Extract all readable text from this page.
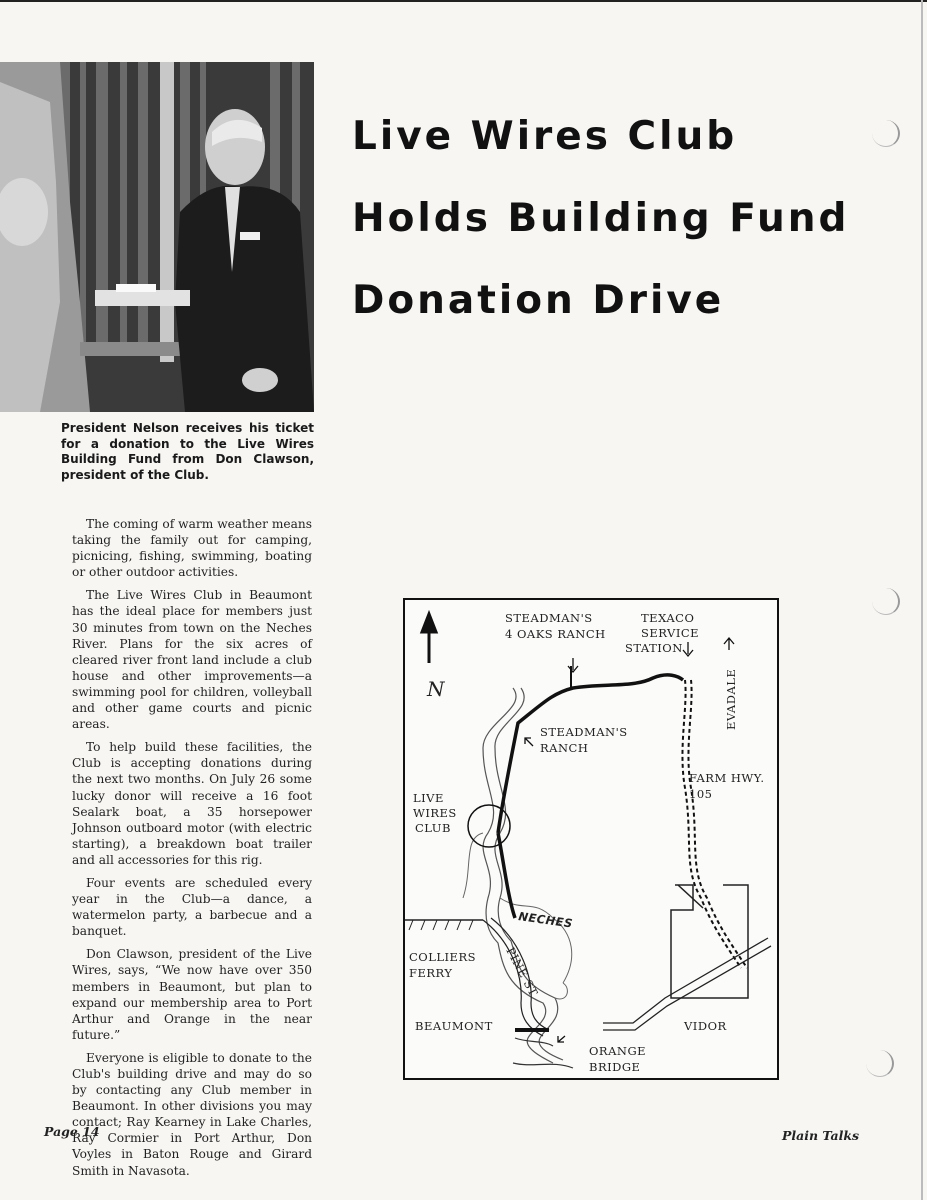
President Nelson receives his ticket for a donation to the Live Wires Building Fund from Don Clawson, president of the Club.
Live Wires Club
Holds Building Fund
Donation Drive

The coming of warm weather means taking the family out for camping, picnicing, fishing, swimming, boating or other outdoor activities.

The Live Wires Club in Beaumont has the ideal place for members just 30 minutes from town on the Neches River. Plans for the six acres of cleared river front land include a club house and other improvements—a swimming pool for children, volleyball and other game courts and picnic areas.

To help build these facilities, the Club is accepting donations during the next two months. On July 26 some lucky donor will receive a 16 foot Sealark boat, a 35 horsepower Johnson outboard motor (with electric starting), a breakdown boat trailer and all accessories for this rig.

Four events are scheduled every year in the Club—a dance, a watermelon party, a barbecue and a banquet.

Don Clawson, president of the Live Wires, says, “We now have over 350 members in Beaumont, but plan to expand our membership area to Port Arthur and Orange in the near future.”

Everyone is eligible to donate to the Club's building drive and may do so by contacting any Club member in Beaumont. In other divisions you may contact; Ray Kearney in Lake Charles, Ray Cormier in Port Arthur, Don Voyles in Baton Rouge and Girard Smith in Navasota.

N
STEADMAN'S
4 OAKS RANCH
TEXACO
SERVICE
STATION
EVADALE
STEADMAN'S
RANCH
FARM HWY.
105
LIVE
WIRES
CLUB
NECHES
COLLIERS
FERRY	PINE ST
BEAUMONT	VIDOR
ORANGE
BRIDGE
Page 14	Plain Talks
